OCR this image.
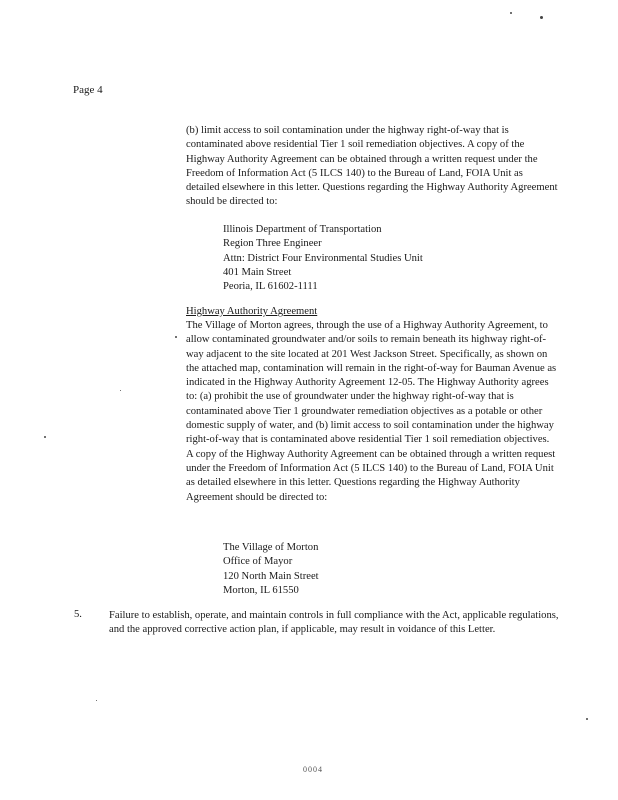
Page 4

(b) limit access to soil contamination under the highway right-of-way that is contaminated above residential Tier 1 soil remediation objectives. A copy of the Highway Authority Agreement can be obtained through a written request under the Freedom of Information Act (5 ILCS 140) to the Bureau of Land, FOIA Unit as detailed elsewhere in this letter. Questions regarding the Highway Authority Agreement should be directed to:

Illinois Department of Transportation
Region Three Engineer
Attn: District Four Environmental Studies Unit
401 Main Street
Peoria, IL 61602-1111
Highway Authority Agreement

The Village of Morton agrees, through the use of a Highway Authority Agreement, to allow contaminated groundwater and/or soils to remain beneath its highway right-of-way adjacent to the site located at 201 West Jackson Street. Specifically, as shown on the attached map, contamination will remain in the right-of-way for Bauman Avenue as indicated in the Highway Authority Agreement 12-05. The Highway Authority agrees to: (a) prohibit the use of groundwater under the highway right-of-way that is contaminated above Tier 1 groundwater remediation objectives as a potable or other domestic supply of water, and (b) limit access to soil contamination under the highway right-of-way that is contaminated above residential Tier 1 soil remediation objectives. A copy of the Highway Authority Agreement can be obtained through a written request under the Freedom of Information Act (5 ILCS 140) to the Bureau of Land, FOIA Unit as detailed elsewhere in this letter. Questions regarding the Highway Authority Agreement should be directed to:

The Village of Morton
Office of Mayor
120 North Main Street
Morton, IL 61550
5.	Failure to establish, operate, and maintain controls in full compliance with the Act, applicable regulations, and the approved corrective action plan, if applicable, may result in voidance of this Letter.

0004
